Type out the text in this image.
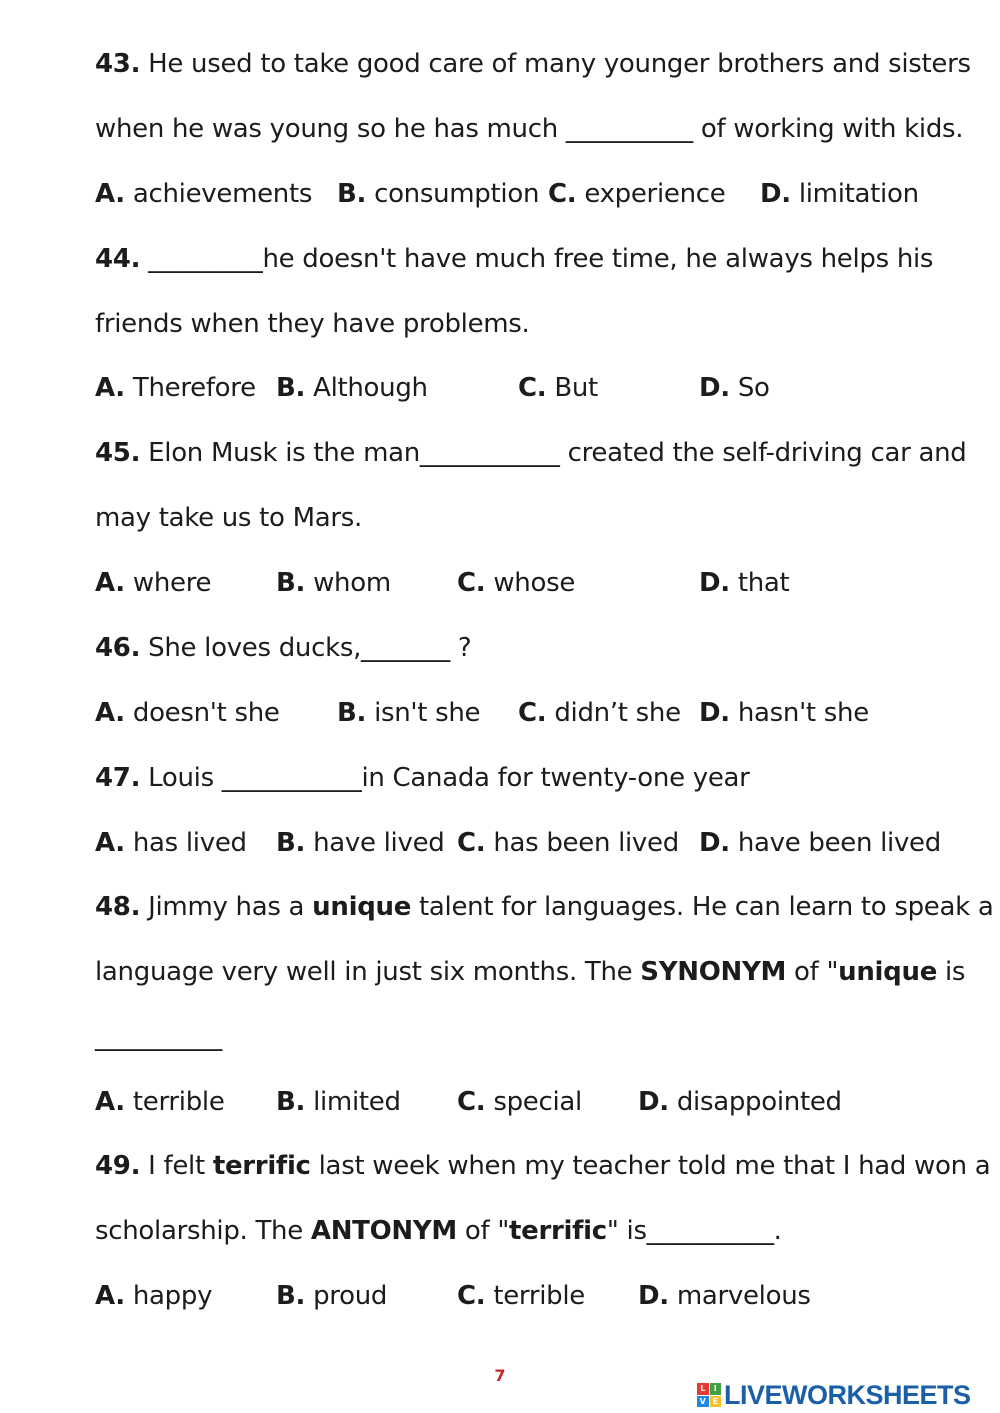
43. He used to take good care of many younger brothers and sisters
when he was young so he has much __________ of working with kids.
A. achievements B. consumption C. experience D. limitation
44. _________he doesn't have much free time, he always helps his
friends when they have problems.
A. Therefore B. Although	C. But	D. So
45. Elon Musk is the man___________ created the self-driving car and
may take us to Mars.
A. where B. whom	C. whose	D. that
46. She loves ducks,_______ ?
A. doesn't she B. isn't she C. didn’t she D. hasn't she
47. Louis ___________in Canada for twenty-one year
A. has lived B. have lived C. has been lived D. have been lived
48. Jimmy has a unique talent for languages. He can learn to speak a
language very well in just six months. The SYNONYM of "unique is
__________
A. terrible B. limited C. special D. disappointed
49. I felt terrific last week when my teacher told me that I had won a
scholarship. The ANTONYM of "terrific" is__________.
A. happy B. proud	C. terrible D. marvelous
7
L	I
V E LIVEWORKSHEETS
